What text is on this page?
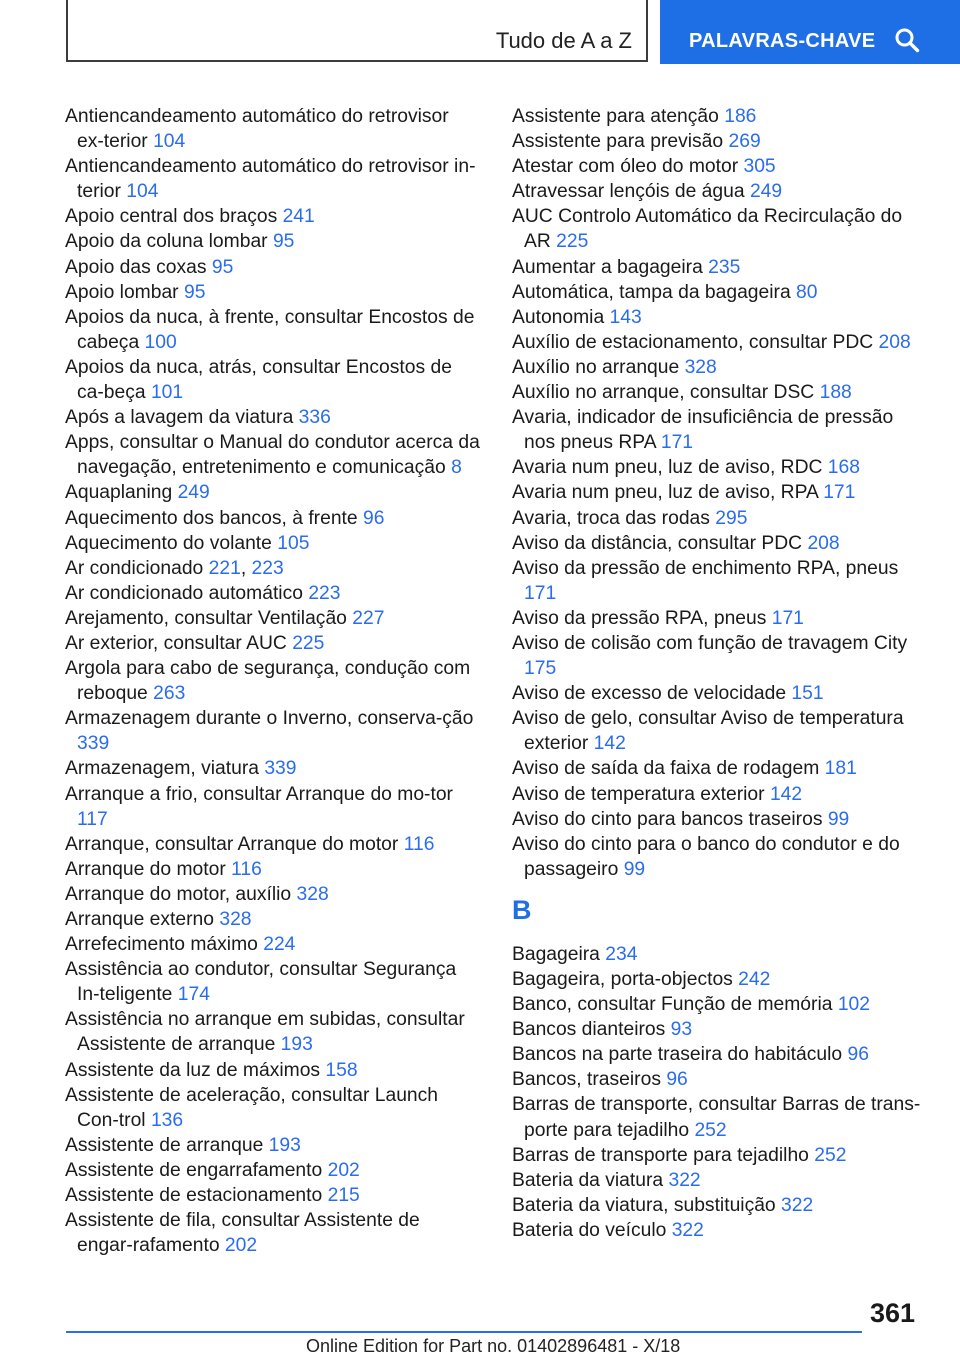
Tudo de A a Z	PALAVRAS-CHAVE
Antiencandeamento automático do retrovisor ex-terior 104
Antiencandeamento automático do retrovisor in-terior 104
Apoio central dos braços 241
Apoio da coluna lombar 95
Apoio das coxas 95
Apoio lombar 95
Apoios da nuca, à frente, consultar Encostos de cabeça 100
Apoios da nuca, atrás, consultar Encostos de ca-beça 101
Após a lavagem da viatura 336
Apps, consultar o Manual do condutor acerca da navegação, entretenimento e comunicação 8
Aquaplaning 249
Aquecimento dos bancos, à frente 96
Aquecimento do volante 105
Ar condicionado 221, 223
Ar condicionado automático 223
Arejamento, consultar Ventilação 227
Ar exterior, consultar AUC 225
Argola para cabo de segurança, condução com reboque 263
Armazenagem durante o Inverno, conserva-ção 339
Armazenagem, viatura 339
Arranque a frio, consultar Arranque do mo-tor 117
Arranque, consultar Arranque do motor 116
Arranque do motor 116
Arranque do motor, auxílio 328
Arranque externo 328
Arrefecimento máximo 224
Assistência ao condutor, consultar Segurança In-teligente 174
Assistência no arranque em subidas, consultar Assistente de arranque 193
Assistente da luz de máximos 158
Assistente de aceleração, consultar Launch Con-trol 136
Assistente de arranque 193
Assistente de engarrafamento 202
Assistente de estacionamento 215
Assistente de fila, consultar Assistente de engar-rafamento 202
Assistente para atenção 186
Assistente para previsão 269
Atestar com óleo do motor 305
Atravessar lençóis de água 249
AUC Controlo Automático da Recirculação do AR 225
Aumentar a bagageira 235
Automática, tampa da bagageira 80
Autonomia 143
Auxílio de estacionamento, consultar PDC 208
Auxílio no arranque 328
Auxílio no arranque, consultar DSC 188
Avaria, indicador de insuficiência de pressão nos pneus RPA 171
Avaria num pneu, luz de aviso, RDC 168
Avaria num pneu, luz de aviso, RPA 171
Avaria, troca das rodas 295
Aviso da distância, consultar PDC 208
Aviso da pressão de enchimento RPA, pneus 171
Aviso da pressão RPA, pneus 171
Aviso de colisão com função de travagem City 175
Aviso de excesso de velocidade 151
Aviso de gelo, consultar Aviso de temperatura exterior 142
Aviso de saída da faixa de rodagem 181
Aviso de temperatura exterior 142
Aviso do cinto para bancos traseiros 99
Aviso do cinto para o banco do condutor e do passageiro 99
B
Bagageira 234
Bagageira, porta-objectos 242
Banco, consultar Função de memória 102
Bancos dianteiros 93
Bancos na parte traseira do habitáculo 96
Bancos, traseiros 96
Barras de transporte, consultar Barras de trans-porte para tejadilho 252
Barras de transporte para tejadilho 252
Bateria da viatura 322
Bateria da viatura, substituição 322
Bateria do veículo 322
361
Online Edition for Part no. 01402896481 - X/18
